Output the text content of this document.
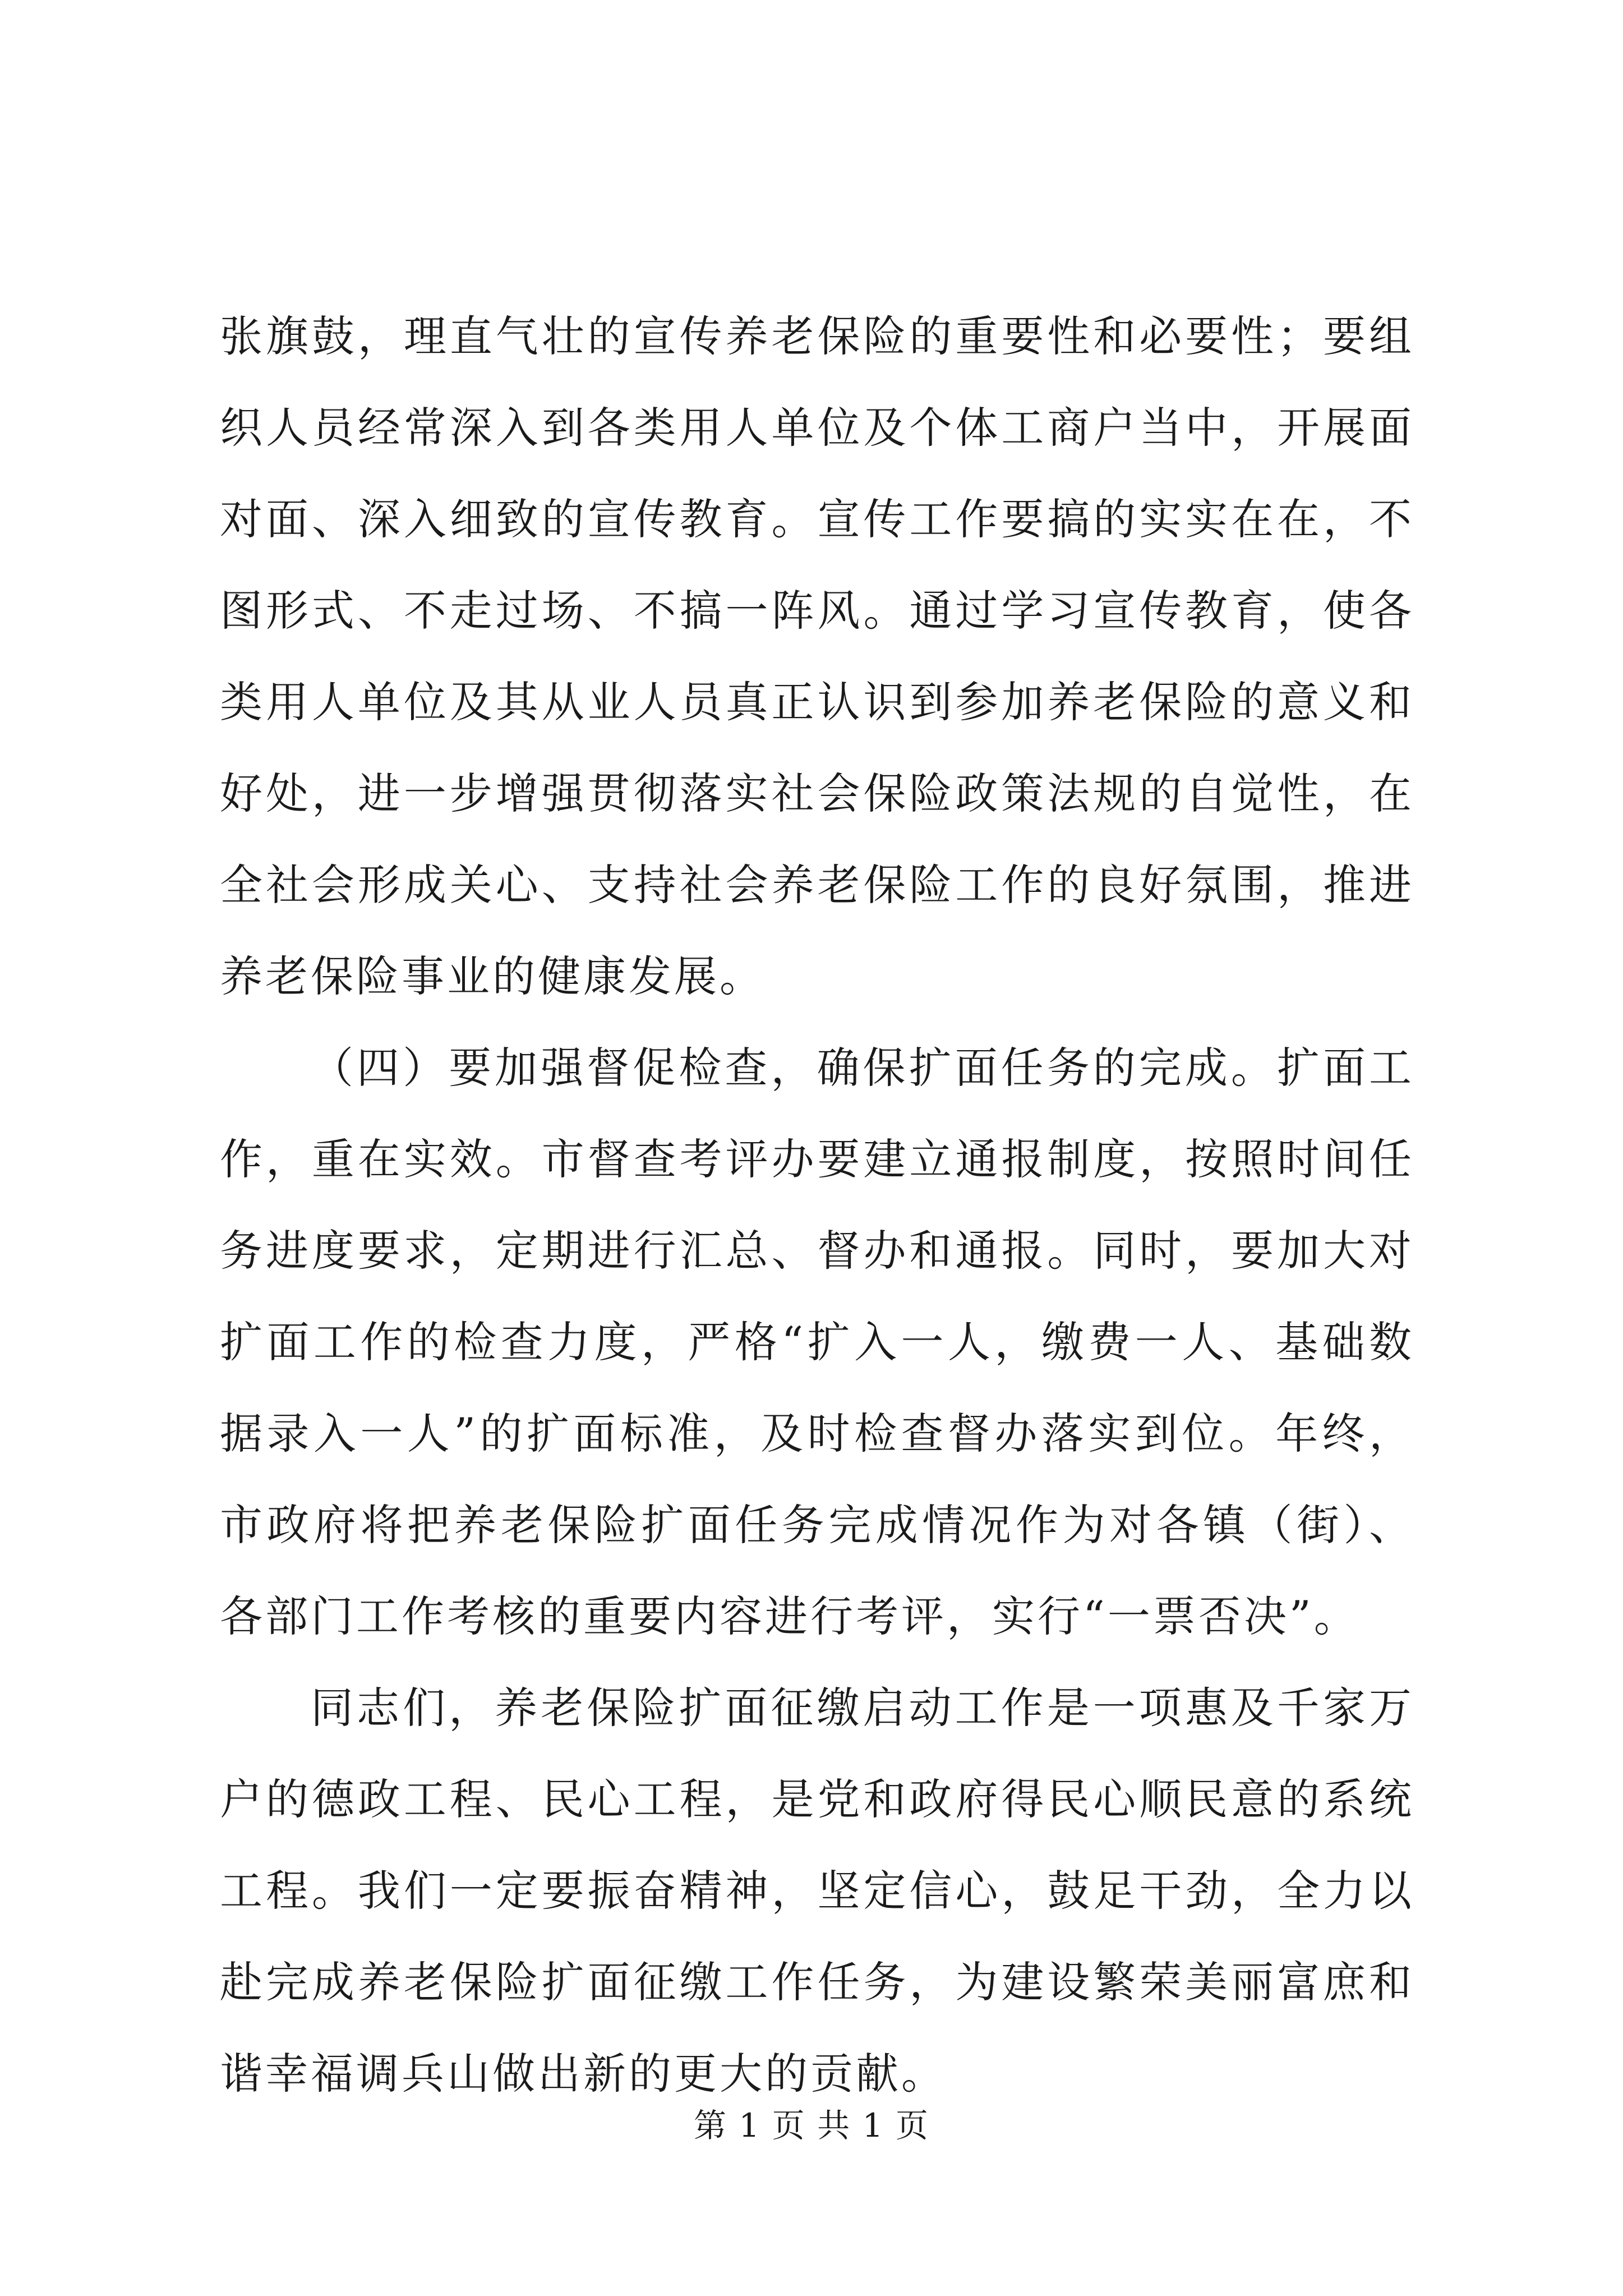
张旗鼓，理直气壮的宣传养老保险的重要性和必要性；要组织人员经常深入到各类用人单位及个体工商户当中，开展面对面、深入细致的宣传教育。宣传工作要搞的实实在在，不图形式、不走过场、不搞一阵风。通过学习宣传教育，使各类用人单位及其从业人员真正认识到参加养老保险的意义和好处，进一步增强贯彻落实社会保险政策法规的自觉性，在全社会形成关心、支持社会养老保险工作的良好氛围，推进养老保险事业的健康发展。

（四）要加强督促检查，确保扩面任务的完成。扩面工作，重在实效。市督查考评办要建立通报制度，按照时间任务进度要求，定期进行汇总、督办和通报。同时，要加大对扩面工作的检查力度，严格“扩入一人，缴费一人、基础数据录入一人”的扩面标准，及时检查督办落实到位。年终，市政府将把养老保险扩面任务完成情况作为对各镇（街）、各部门工作考核的重要内容进行考评，实行“一票否决”。

同志们，养老保险扩面征缴启动工作是一项惠及千家万户的德政工程、民心工程，是党和政府得民心顺民意的系统工程。我们一定要振奋精神，坚定信心，鼓足干劲，全力以赴完成养老保险扩面征缴工作任务，为建设繁荣美丽富庶和谐幸福调兵山做出新的更大的贡献。

第 1 页 共 1 页
